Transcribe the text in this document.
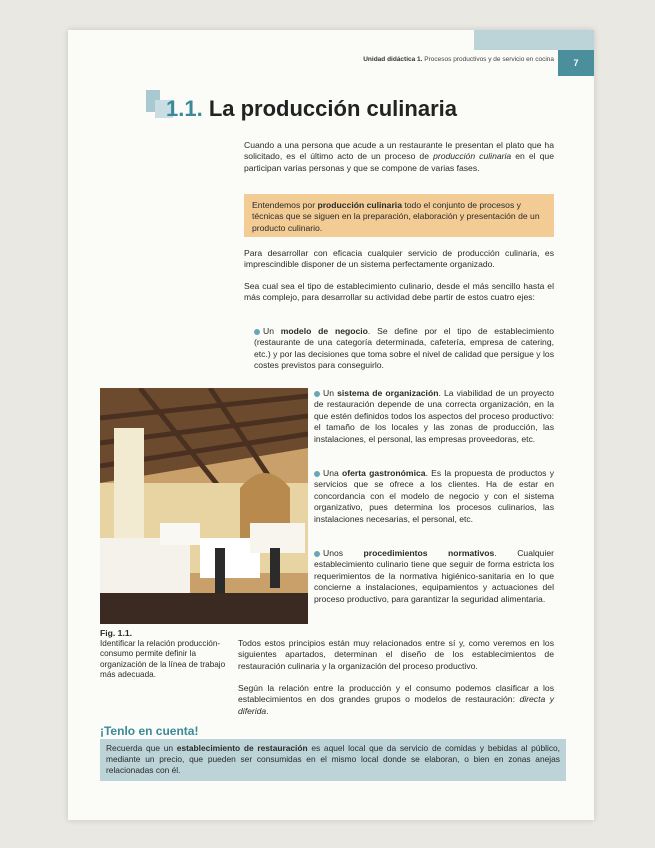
Unidad didáctica 1. Procesos productivos y de servicio en cocina	7
1.1. La producción culinaria
Cuando a una persona que acude a un restaurante le presentan el plato que ha solicitado, es el último acto de un proceso de producción culinaria en el que participan varias personas y que se compone de varias fases.
Entendemos por producción culinaria todo el conjunto de procesos y técnicas que se siguen en la preparación, elaboración y presentación de un producto culinario.
Para desarrollar con eficacia cualquier servicio de producción culinaria, es imprescindible disponer de un sistema perfectamente organizado.
Sea cual sea el tipo de establecimiento culinario, desde el más sencillo hasta el más complejo, para desarrollar su actividad debe partir de estos cuatro ejes:
Un modelo de negocio. Se define por el tipo de establecimiento (restaurante de una categoría determinada, cafetería, empresa de catering, etc.) y por las decisiones que toma sobre el nivel de calidad que persigue y los costes previstos para conseguirlo.
Un sistema de organización. La viabilidad de un proyecto de restauración depende de una correcta organización, en la que estén definidos todos los aspectos del proceso productivo: el tamaño de los locales y las zonas de producción, las instalaciones, el personal, las empresas proveedoras, etc.
Una oferta gastronómica. Es la propuesta de productos y servicios que se ofrece a los clientes. Ha de estar en concordancia con el modelo de negocio y con el sistema organizativo, pues determina los procesos culinarios, las instalaciones necesarias, el personal, etc.
Unos procedimientos normativos. Cualquier establecimiento culinario tiene que seguir de forma estricta los requerimientos de la normativa higiénico-sanitaria en lo que concierne a instalaciones, equipamientos y actuaciones del proceso productivo, para garantizar la seguridad alimentaria.
Fig. 1.1.
Identificar la relación producción-consumo permite definir la organización de la línea de trabajo más adecuada.
Todos estos principios están muy relacionados entre sí y, como veremos en los siguientes apartados, determinan el diseño de los establecimientos de restauración culinaria y la organización del proceso productivo.
Según la relación entre la producción y el consumo podemos clasificar a los establecimientos en dos grandes grupos o modelos de restauración: directa y diferida.
¡Tenlo en cuenta!
Recuerda que un establecimiento de restauración es aquel local que da servicio de comidas y bebidas al público, mediante un precio, que pueden ser consumidas en el mismo local donde se elaboran, o bien en zonas anejas relacionadas con él.
